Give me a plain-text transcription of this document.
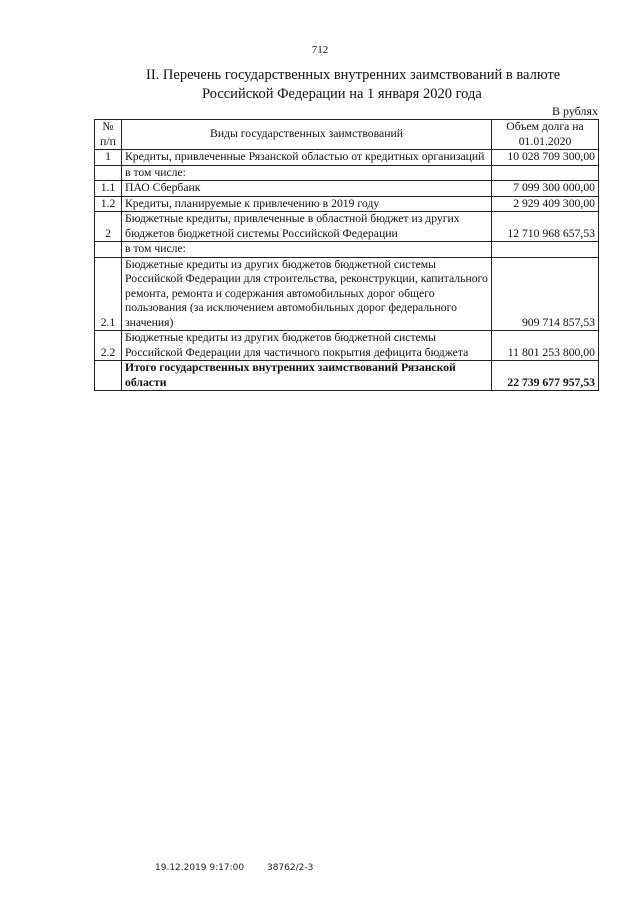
712
II. Перечень государственных внутренних заимствований в валюте
Российской Федерации на 1 января 2020 года
В рублях
№ п/п	Виды государственных заимствований	Объем долга на 01.01.2020
1	Кредиты, привлеченные Рязанской областью от кредитных организаций	10 028 709 300,00
	в том числе:	
1.1	ПАО Сбербанк	7 099 300 000,00
1.2	Кредиты, планируемые к привлечению в 2019 году	2 929 409 300,00
2	Бюджетные кредиты, привлеченные в областной бюджет из других бюджетов бюджетной системы Российской Федерации	12 710 968 657,53
	в том числе:	
2.1	Бюджетные кредиты из других бюджетов бюджетной системы Российской Федерации для строительства, реконструкции, капитального ремонта, ремонта и содержания автомобильных дорог общего пользования (за исключением автомобильных дорог федерального значения)	909 714 857,53
2.2	Бюджетные кредиты из других бюджетов бюджетной системы Российской Федерации для частичного покрытия дефицита бюджета	11 801 253 800,00
	Итого государственных внутренних заимствований Рязанской области	22 739 677 957,53
19.12.2019 9:17:00	38762/2-3
